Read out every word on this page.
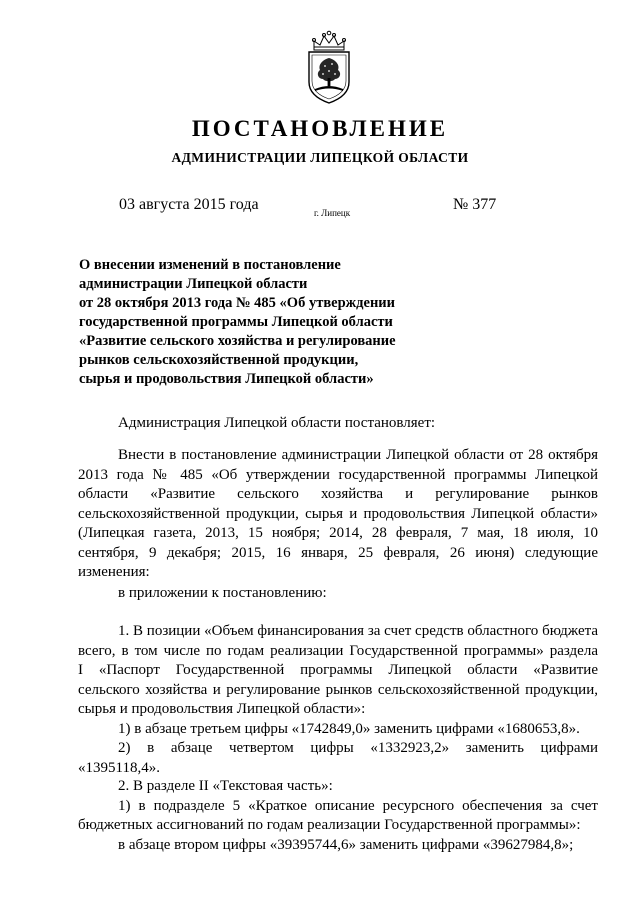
ПОСТАНОВЛЕНИЕ
АДМИНИСТРАЦИИ ЛИПЕЦКОЙ ОБЛАСТИ
03 августа 2015 года	г. Липецк	№ 377
О внесении изменений в постановление
администрации Липецкой области
от 28 октября 2013 года № 485 «Об утверждении
государственной программы Липецкой области
«Развитие сельского хозяйства и регулирование
рынков сельскохозяйственной продукции,
сырья и продовольствия Липецкой области»

Администрация Липецкой области постановляет:

Внести в постановление администрации Липецкой области от 28 октября
2013 года № 485 «Об утверждении государственной программы Липецкой
области «Развитие сельского хозяйства и регулирование рынков
сельскохозяйственной продукции, сырья и продовольствия Липецкой области»
(Липецкая газета, 2013, 15 ноября; 2014, 28 февраля, 7 мая, 18 июля, 10
сентября, 9 декабря; 2015, 16 января, 25 февраля, 26 июня) следующие
изменения:

в приложении к постановлению:

1. В позиции «Объем финансирования за счет средств областного бюджета
всего, в том числе по годам реализации Государственной программы» раздела
I «Паспорт Государственной программы Липецкой области «Развитие
сельского хозяйства и регулирование рынков сельскохозяйственной продукции,
сырья и продовольствия Липецкой области»:
1) в абзаце третьем цифры «1742849,0» заменить цифрами «1680653,8».
2) в абзаце четвертом цифры «1332923,2» заменить цифрами
«1395118,4».
2. В разделе II «Текстовая часть»:
1) в подразделе 5 «Краткое описание ресурсного обеспечения за счет
бюджетных ассигнований по годам реализации Государственной программы»:
в абзаце втором цифры «39395744,6» заменить цифрами «39627984,8»;
